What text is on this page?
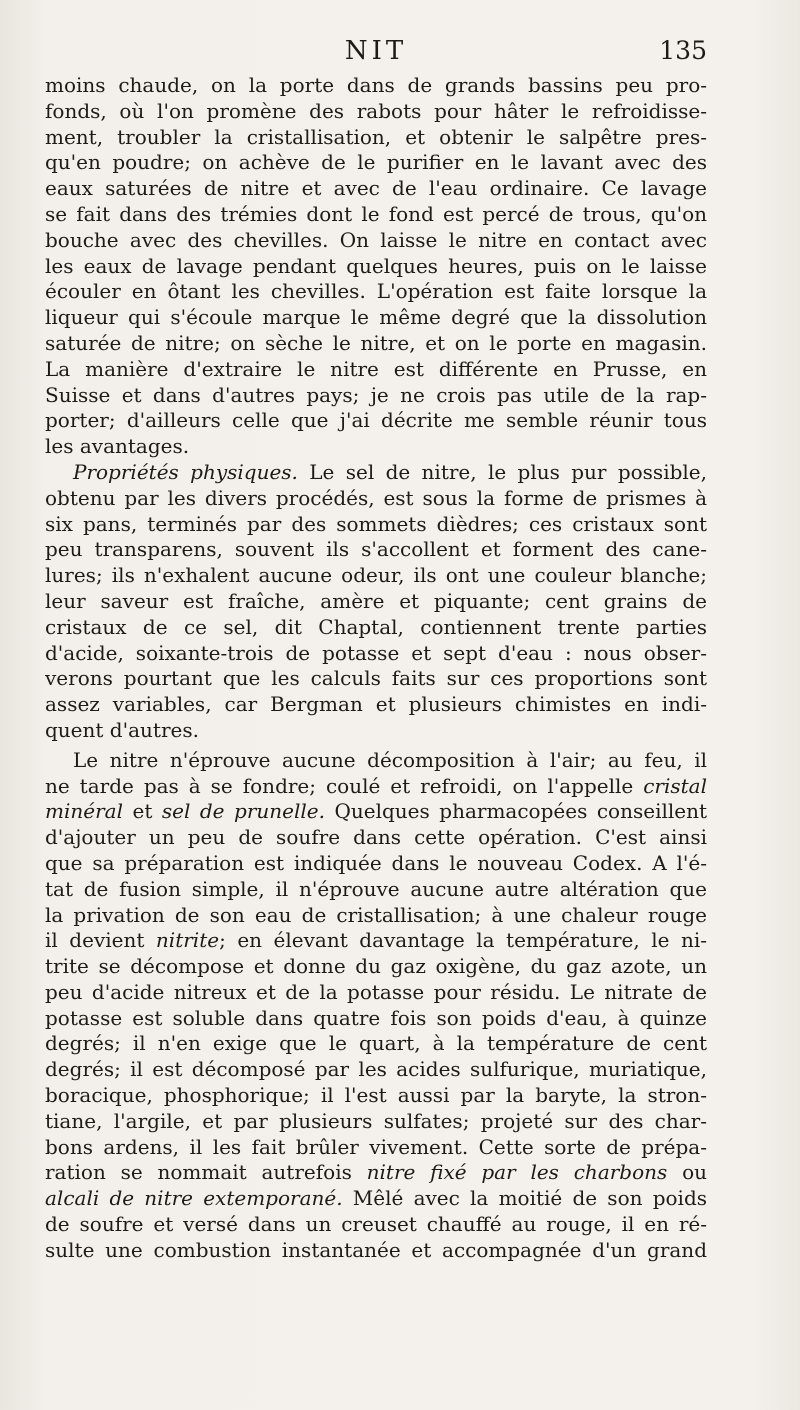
NIT	135
moins chaude, on la porte dans de grands bassins peu pro-
fonds, où l'on promène des rabots pour hâter le refroidisse-
ment, troubler la cristallisation, et obtenir le salpêtre pres-
qu'en poudre; on achève de le purifier en le lavant avec des
eaux saturées de nitre et avec de l'eau ordinaire. Ce lavage
se fait dans des trémies dont le fond est percé de trous, qu'on
bouche avec des chevilles. On laisse le nitre en contact avec
les eaux de lavage pendant quelques heures, puis on le laisse
écouler en ôtant les chevilles. L'opération est faite lorsque la
liqueur qui s'écoule marque le même degré que la dissolution
saturée de nitre; on sèche le nitre, et on le porte en magasin.
La manière d'extraire le nitre est différente en Prusse, en
Suisse et dans d'autres pays; je ne crois pas utile de la rap-
porter; d'ailleurs celle que j'ai décrite me semble réunir tous
les avantages.
Propriétés physiques. Le sel de nitre, le plus pur possible,
obtenu par les divers procédés, est sous la forme de prismes à
six pans, terminés par des sommets dièdres; ces cristaux sont
peu transparens, souvent ils s'accollent et forment des cane-
lures; ils n'exhalent aucune odeur, ils ont une couleur blanche;
leur saveur est fraîche, amère et piquante; cent grains de
cristaux de ce sel, dit Chaptal, contiennent trente parties
d'acide, soixante-trois de potasse et sept d'eau : nous obser-
verons pourtant que les calculs faits sur ces proportions sont
assez variables, car Bergman et plusieurs chimistes en indi-
quent d'autres.
Le nitre n'éprouve aucune décomposition à l'air; au feu, il
ne tarde pas à se fondre; coulé et refroidi, on l'appelle cristal
minéral et sel de prunelle. Quelques pharmacopées conseillent
d'ajouter un peu de soufre dans cette opération. C'est ainsi
que sa préparation est indiquée dans le nouveau Codex. A l'é-
tat de fusion simple, il n'éprouve aucune autre altération que
la privation de son eau de cristallisation; à une chaleur rouge
il devient nitrite; en élevant davantage la température, le ni-
trite se décompose et donne du gaz oxigène, du gaz azote, un
peu d'acide nitreux et de la potasse pour résidu. Le nitrate de
potasse est soluble dans quatre fois son poids d'eau, à quinze
degrés; il n'en exige que le quart, à la température de cent
degrés; il est décomposé par les acides sulfurique, muriatique,
boracique, phosphorique; il l'est aussi par la baryte, la stron-
tiane, l'argile, et par plusieurs sulfates; projeté sur des char-
bons ardens, il les fait brûler vivement. Cette sorte de prépa-
ration se nommait autrefois nitre fixé par les charbons ou
alcali de nitre extemporané. Mêlé avec la moitié de son poids
de soufre et versé dans un creuset chauffé au rouge, il en ré-
sulte une combustion instantanée et accompagnée d'un grand
